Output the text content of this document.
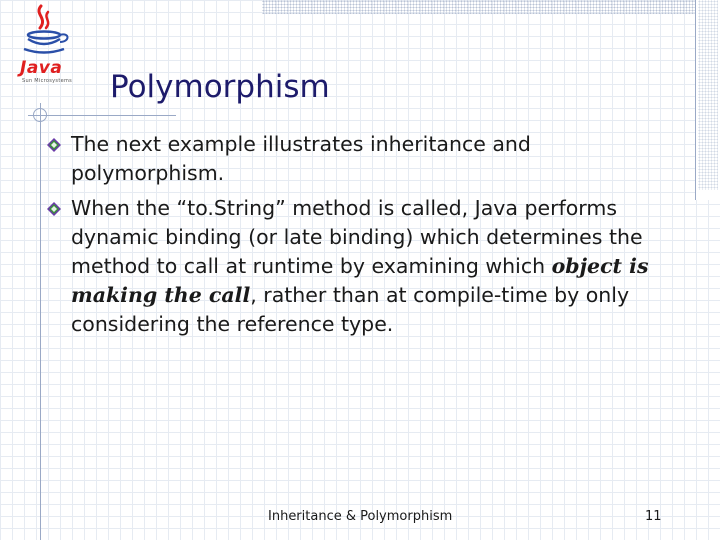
Java
Sun Microsystems Polymorphism
The next example illustrates inheritance and polymorphism.
When the “to.String” method is called, Java performs dynamic binding (or late binding) which determines the method to call at runtime by examining which object is making the call, rather than at compile-time by only considering the reference type.
Inheritance & Polymorphism	11
